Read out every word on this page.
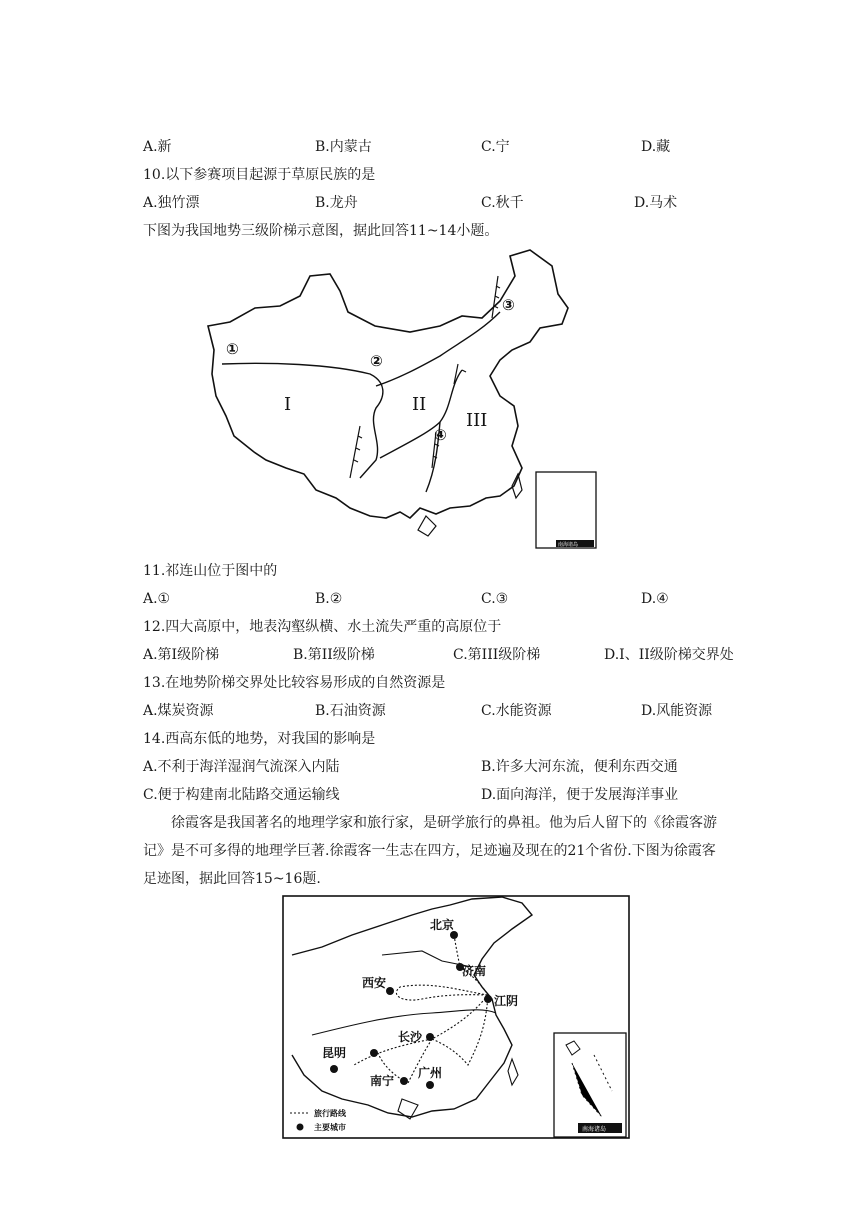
A.新	B.内蒙古	C.宁	D.藏
10.以下参赛项目起源于草原民族的是
A.独竹漂	B.龙舟	C.秋千	D.马术
下图为我国地势三级阶梯示意图，据此回答11~14小题。
①
②
③
④
I	II
III
南海诸岛
11.祁连山位于图中的
A.①	B.②	C.③	D.④
12.四大高原中，地表沟壑纵横、水土流失严重的高原位于
A.第I级阶梯	B.第II级阶梯	C.第III级阶梯	D.I、II级阶梯交界处
13.在地势阶梯交界处比较容易形成的自然资源是
A.煤炭资源	B.石油资源	C.水能资源	D.风能资源
14.西高东低的地势，对我国的影响是
A.不利于海洋湿润气流深入内陆	B.许多大河东流，便利东西交通
C.便于构建南北陆路交通运输线	D.面向海洋，便于发展海洋事业
徐霞客是我国著名的地理学家和旅行家，是研学旅行的鼻祖。他为后人留下的《徐霞客游记》是不可多得的地理学巨著.徐霞客一生志在四方，足迹遍及现在的21个省份.下图为徐霞客足迹图，据此回答15~16题.
北京
济南
西安
江阴
长沙
昆明
南宁
广州
旅行路线
主要城市	南海诸岛
